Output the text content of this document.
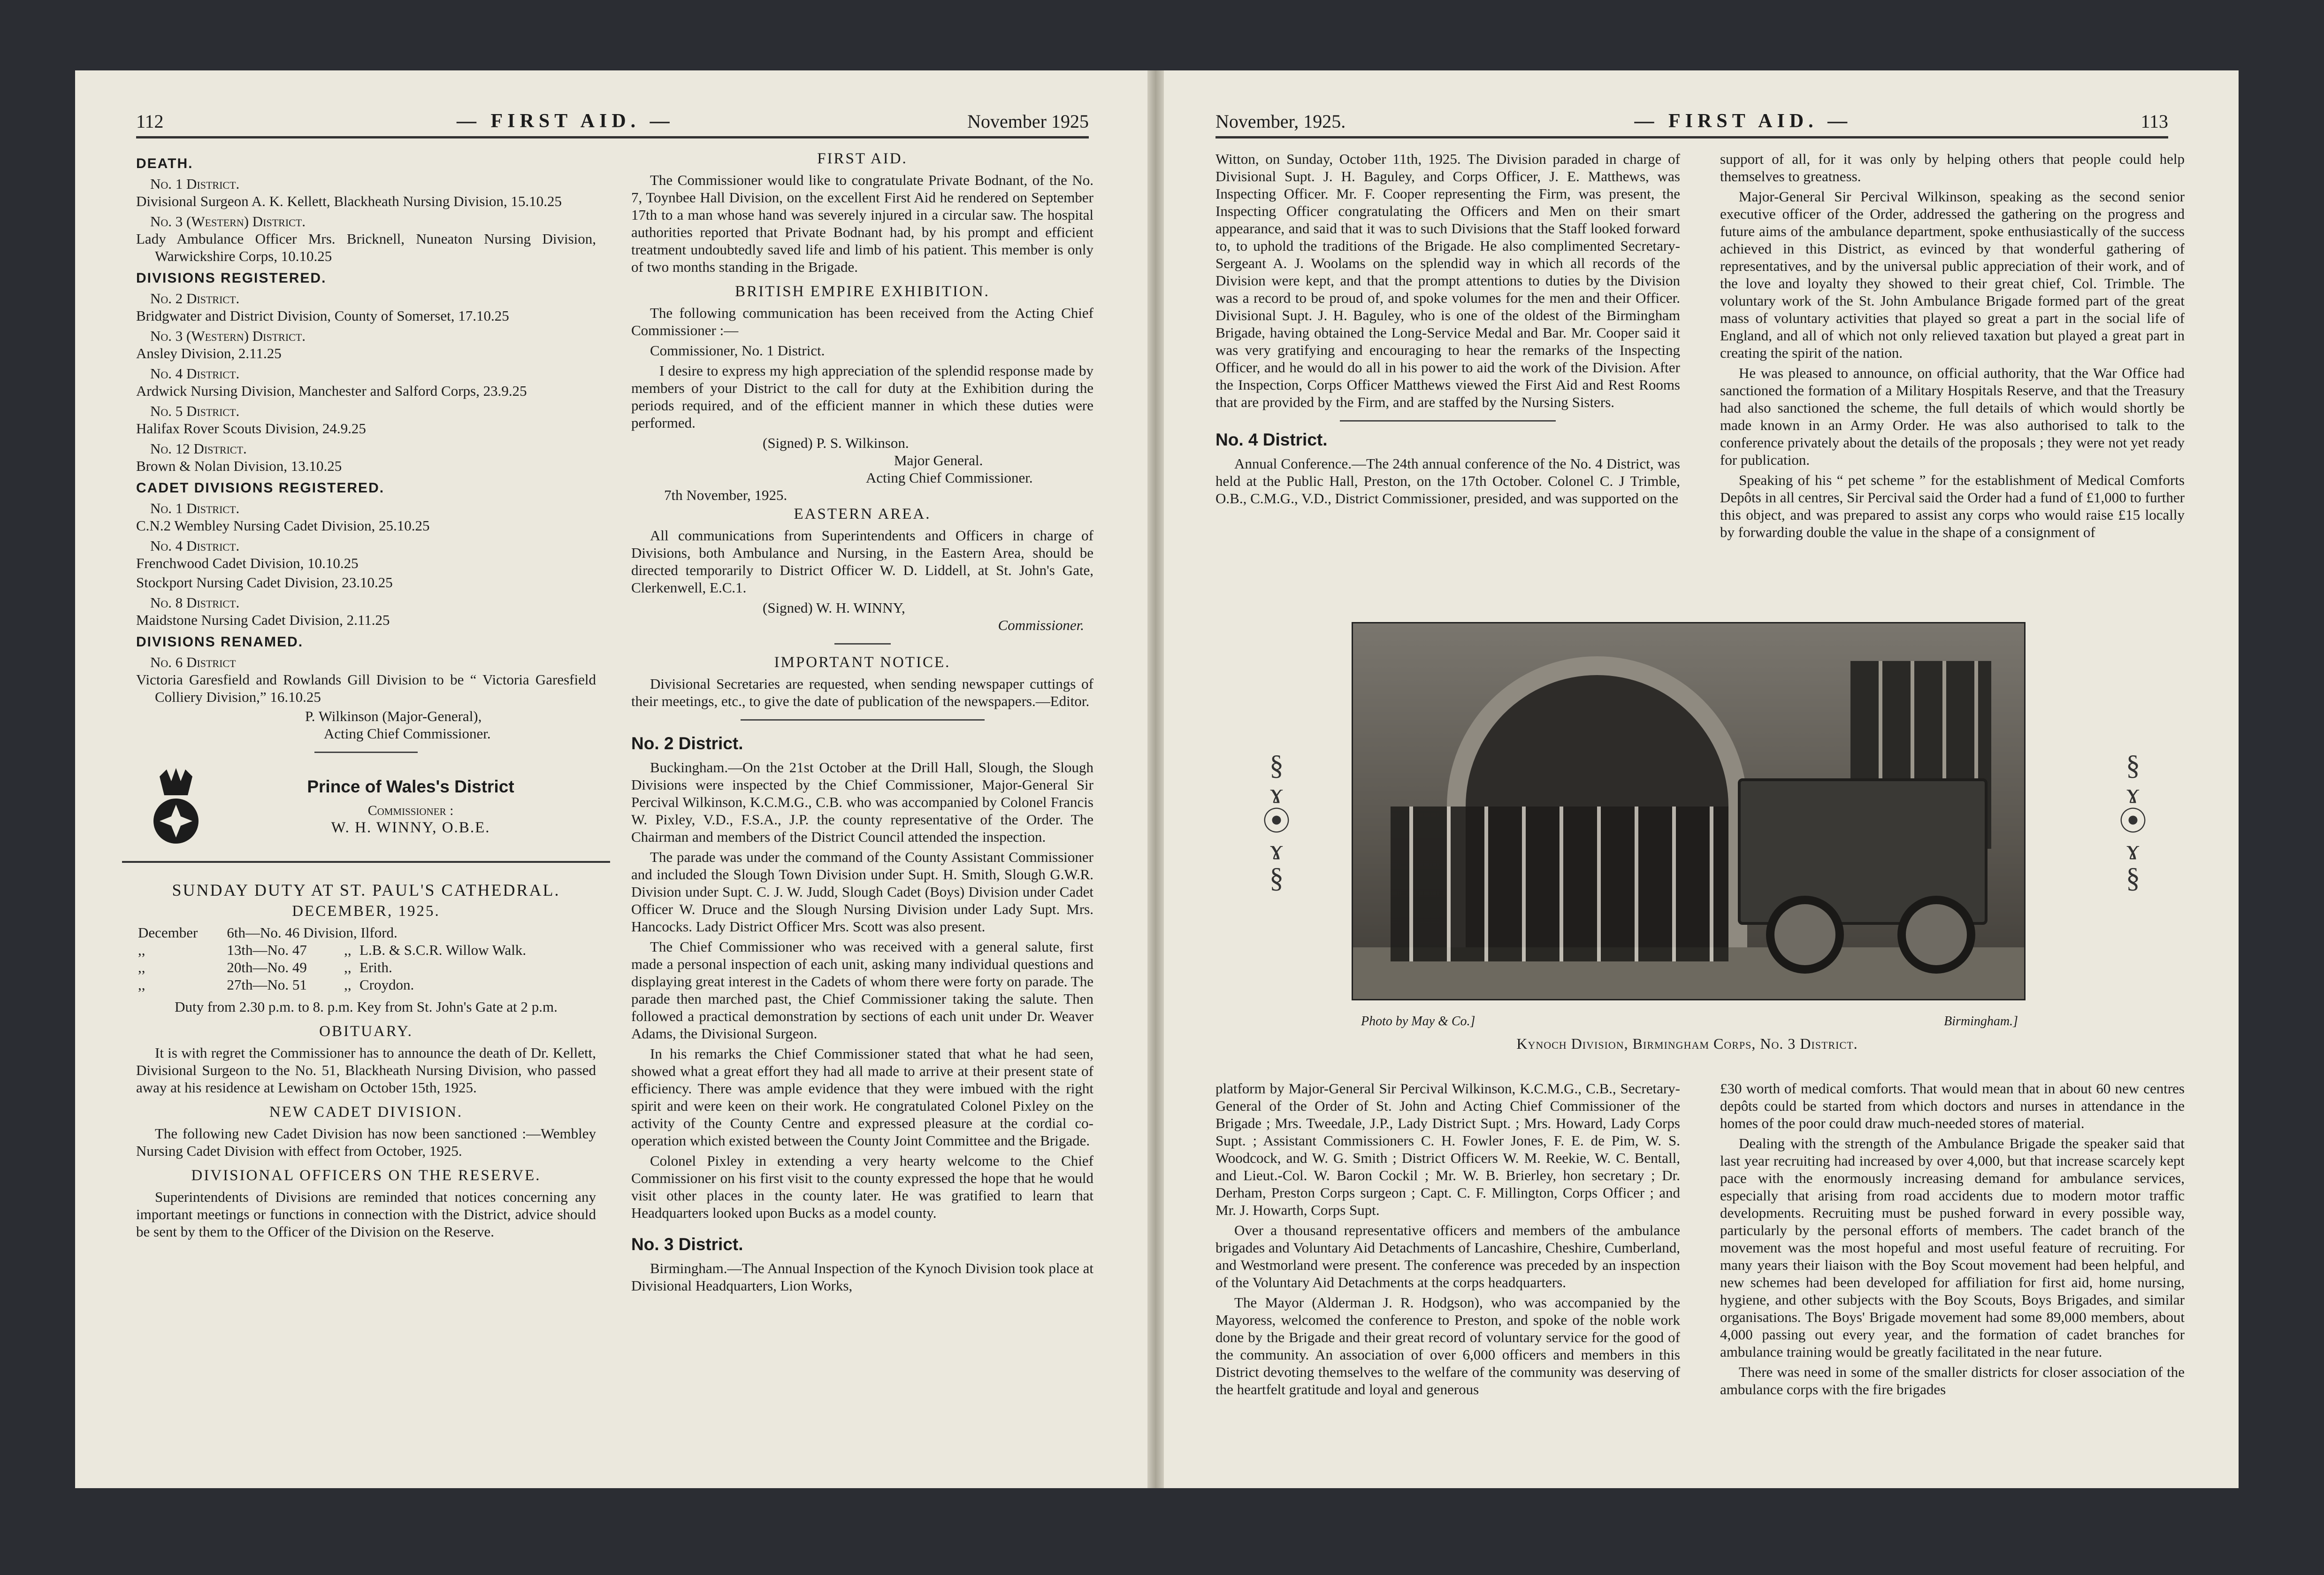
112	— FIRST AID. —	November 1925
DEATH.
No. 1 District.
Divisional Surgeon A. K. Kellett, Blackheath Nursing Division, 15.10.25
No. 3 (Western) District.
Lady Ambulance Officer Mrs. Bricknell, Nuneaton Nursing Division, Warwickshire Corps, 10.10.25
DIVISIONS REGISTERED.
No. 2 District.
Bridgwater and District Division, County of Somerset, 17.10.25
No. 3 (Western) District.
Ansley Division, 2.11.25
No. 4 District.
Ardwick Nursing Division, Manchester and Salford Corps, 23.9.25
No. 5 District.
Halifax Rover Scouts Division, 24.9.25
No. 12 District.
Brown & Nolan Division, 13.10.25
CADET DIVISIONS REGISTERED.
No. 1 District.
C.N.2 Wembley Nursing Cadet Division, 25.10.25
No. 4 District.
Frenchwood Cadet Division, 10.10.25
Stockport Nursing Cadet Division, 23.10.25
No. 8 District.
Maidstone Nursing Cadet Division, 2.11.25
DIVISIONS RENAMED.
No. 6 District
Victoria Garesfield and Rowlands Gill Division to be “ Victoria Garesfield Colliery Division,” 16.10.25
P. Wilkinson (Major-General),
Acting Chief Commissioner.
Prince of Wales's District
Commissioner :
W. H. WINNY, O.B.E.
SUNDAY DUTY AT ST. PAUL'S CATHEDRAL.
DECEMBER, 1925.
December	6th—No. 46 Division, Ilford.		
,,	13th—No. 47	,,	L.B. & S.C.R. Willow Walk.
,,	20th—No. 49	,,	Erith.
,,	27th—No. 51	,,	Croydon.

Duty from 2.30 p.m. to 8. p.m. Key from St. John's Gate at 2 p.m.

OBITUARY.

It is with regret the Commissioner has to announce the death of Dr. Kellett, Divisional Surgeon to the No. 51, Blackheath Nursing Division, who passed away at his residence at Lewisham on October 15th, 1925.

NEW CADET DIVISION.

The following new Cadet Division has now been sanctioned :—Wembley Nursing Cadet Division with effect from October, 1925.

DIVISIONAL OFFICERS ON THE RESERVE.

Superintendents of Divisions are reminded that notices concerning any important meetings or functions in connection with the District, advice should be sent by them to the Officer of the Division on the Reserve.

FIRST AID.

The Commissioner would like to congratulate Private Bodnant, of the No. 7, Toynbee Hall Division, on the excellent First Aid he rendered on September 17th to a man whose hand was severely injured in a circular saw. The hospital authorities reported that Private Bodnant had, by his prompt and efficient treatment undoubtedly saved life and limb of his patient. This member is only of two months standing in the Brigade.

BRITISH EMPIRE EXHIBITION.

The following communication has been received from the Acting Chief Commissioner :—

Commissioner, No. 1 District.

I desire to express my high appreciation of the splendid response made by members of your District to the call for duty at the Exhibition during the periods required, and of the efficient manner in which these duties were performed.

(Signed) P. S. Wilkinson.
Major General.
Acting Chief Commissioner.
7th November, 1925.
EASTERN AREA.

All communications from Superintendents and Officers in charge of Divisions, both Ambulance and Nursing, in the Eastern Area, should be directed temporarily to District Officer W. D. Liddell, at St. John's Gate, Clerkenwell, E.C.1.

(Signed) W. H. WINNY,
Commissioner.
IMPORTANT NOTICE.

Divisional Secretaries are requested, when sending newspaper cuttings of their meetings, etc., to give the date of publication of the newspapers.—Editor.

No. 2 District.

Buckingham.—On the 21st October at the Drill Hall, Slough, the Slough Divisions were inspected by the Chief Commissioner, Major-General Sir Percival Wilkinson, K.C.M.G., C.B. who was accompanied by Colonel Francis W. Pixley, V.D., F.S.A., J.P. the county representative of the Order. The Chairman and members of the District Council attended the inspection.

The parade was under the command of the County Assistant Commissioner and included the Slough Town Division under Supt. H. Smith, Slough G.W.R. Division under Supt. C. J. W. Judd, Slough Cadet (Boys) Division under Cadet Officer W. Druce and the Slough Nursing Division under Lady Supt. Mrs. Hancocks. Lady District Officer Mrs. Scott was also present.

The Chief Commissioner who was received with a general salute, first made a personal inspection of each unit, asking many individual questions and displaying great interest in the Cadets of whom there were forty on parade. The parade then marched past, the Chief Commissioner taking the salute. Then followed a practical demonstration by sections of each unit under Dr. Weaver Adams, the Divisional Surgeon.

In his remarks the Chief Commissioner stated that what he had seen, showed what a great effort they had all made to arrive at their present state of efficiency. There was ample evidence that they were imbued with the right spirit and were keen on their work. He congratulated Colonel Pixley on the activity of the County Centre and expressed pleasure at the cordial co-operation which existed between the County Joint Committee and the Brigade.

Colonel Pixley in extending a very hearty welcome to the Chief Commissioner on his first visit to the county expressed the hope that he would visit other places in the county later. He was gratified to learn that Headquarters looked upon Bucks as a model county.

No. 3 District.

Birmingham.—The Annual Inspection of the Kynoch Division took place at Divisional Headquarters, Lion Works,

November, 1925.	— FIRST AID. —	113

Witton, on Sunday, October 11th, 1925. The Division paraded in charge of Divisional Supt. J. H. Baguley, and Corps Officer, J. E. Matthews, was Inspecting Officer. Mr. F. Cooper representing the Firm, was present, the Inspecting Officer congratulating the Officers and Men on their smart appearance, and said that it was to such Divisions that the Staff looked forward to, to uphold the traditions of the Brigade. He also complimented Secretary-Sergeant A. J. Woolams on the splendid way in which all records of the Division were kept, and that the prompt attentions to duties by the Division was a record to be proud of, and spoke volumes for the men and their Officer. Divisional Supt. J. H. Baguley, who is one of the oldest of the Birmingham Brigade, having obtained the Long-Service Medal and Bar. Mr. Cooper said it was very gratifying and encouraging to hear the remarks of the Inspecting Officer, and he would do all in his power to aid the work of the Division. After the Inspection, Corps Officer Matthews viewed the First Aid and Rest Rooms that are provided by the Firm, and are staffed by the Nursing Sisters.

No. 4 District.

Annual Conference.—The 24th annual conference of the No. 4 District, was held at the Public Hall, Preston, on the 17th October. Colonel C. J Trimble, O.B., C.M.G., V.D., District Commissioner, presided, and was supported on the

support of all, for it was only by helping others that people could help themselves to greatness.

Major-General Sir Percival Wilkinson, speaking as the second senior executive officer of the Order, addressed the gathering on the progress and future aims of the ambulance department, spoke enthusiastically of the success achieved in this District, as evinced by that wonderful gathering of representatives, and by the universal public appreciation of their work, and of the love and loyalty they showed to their great chief, Col. Trimble. The voluntary work of the St. John Ambulance Brigade formed part of the great mass of voluntary activities that played so great a part in the social life of England, and all of which not only relieved taxation but played a great part in creating the spirit of the nation.

He was pleased to announce, on official authority, that the War Office had sanctioned the formation of a Military Hospitals Reserve, and that the Treasury had also sanctioned the scheme, the full details of which would shortly be made known in an Army Order. He was also authorised to talk to the conference privately about the details of the proposals ; they were not yet ready for publication.

Speaking of his “ pet scheme ” for the establishment of Medical Comforts Depôts in all centres, Sir Percival said the Order had a fund of £1,000 to further this object, and was prepared to assist any corps who would raise £15 locally by forwarding double the value in the shape of a consignment of

§
ɤ
⦿
ɤ
§
§
ɤ
⦿
ɤ
§
Photo by May & Co.]	Birmingham.]
Kynoch Division, Birmingham Corps, No. 3 District.

platform by Major-General Sir Percival Wilkinson, K.C.M.G., C.B., Secretary-General of the Order of St. John and Acting Chief Commissioner of the Brigade ; Mrs. Tweedale, J.P., Lady District Supt. ; Mrs. Howard, Lady Corps Supt. ; Assistant Commissioners C. H. Fowler Jones, F. E. de Pim, W. S. Woodcock, and W. G. Smith ; District Officers W. M. Reekie, W. C. Bentall, and Lieut.-Col. W. Baron Cockil ; Mr. W. B. Brierley, hon secretary ; Dr. Derham, Preston Corps surgeon ; Capt. C. F. Millington, Corps Officer ; and Mr. J. Howarth, Corps Supt.

Over a thousand representative officers and members of the ambulance brigades and Voluntary Aid Detachments of Lancashire, Cheshire, Cumberland, and Westmorland were present. The conference was preceded by an inspection of the Voluntary Aid Detachments at the corps headquarters.

The Mayor (Alderman J. R. Hodgson), who was accompanied by the Mayoress, welcomed the conference to Preston, and spoke of the noble work done by the Brigade and their great record of voluntary service for the good of the community. An association of over 6,000 officers and members in this District devoting themselves to the welfare of the community was deserving of the heartfelt gratitude and loyal and generous

£30 worth of medical comforts. That would mean that in about 60 new centres depôts could be started from which doctors and nurses in attendance in the homes of the poor could draw much-needed stores of material.

Dealing with the strength of the Ambulance Brigade the speaker said that last year recruiting had increased by over 4,000, but that increase scarcely kept pace with the enormously increasing demand for ambulance services, especially that arising from road accidents due to modern motor traffic developments. Recruiting must be pushed forward in every possible way, particularly by the personal efforts of members. The cadet branch of the movement was the most hopeful and most useful feature of recruiting. For many years their liaison with the Boy Scout movement had been helpful, and new schemes had been developed for affiliation for first aid, home nursing, hygiene, and other subjects with the Boy Scouts, Boys Brigades, and similar organisations. The Boys' Brigade movement had some 89,000 members, about 4,000 passing out every year, and the formation of cadet branches for ambulance training would be greatly facilitated in the near future.

There was need in some of the smaller districts for closer association of the ambulance corps with the fire brigades
